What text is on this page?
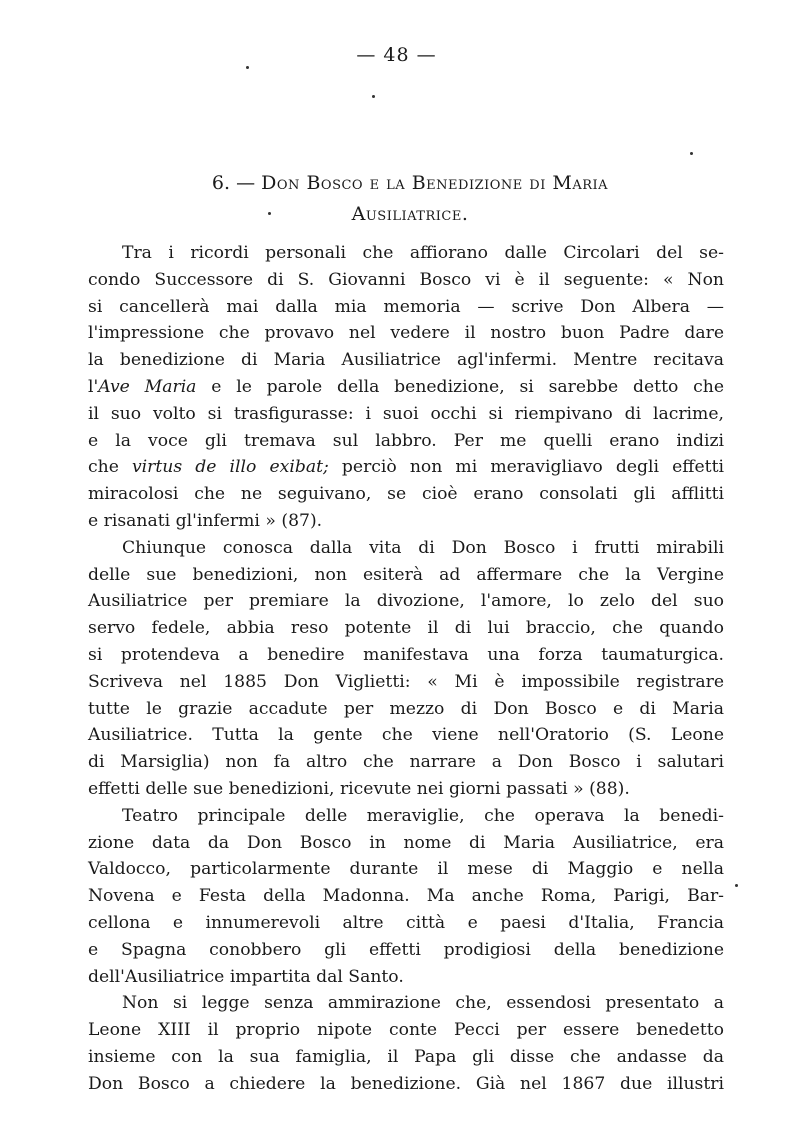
— 48 —
6. — Don Bosco e la Benedizione di Maria
Ausiliatrice.
Tra i ricordi personali che affiorano dalle Circolari del se-
condo Successore di S. Giovanni Bosco vi è il seguente: « Non
si cancellerà mai dalla mia memoria — scrive Don Albera —
l'impressione che provavo nel vedere il nostro buon Padre dare
la benedizione di Maria Ausiliatrice agl'infermi. Mentre recitava
l'Ave Maria e le parole della benedizione, si sarebbe detto che
il suo volto si trasfigurasse: i suoi occhi si riempivano di lacrime,
e la voce gli tremava sul labbro. Per me quelli erano indizi
che virtus de illo exibat; perciò non mi meravigliavo degli effetti
miracolosi che ne seguivano, se cioè erano consolati gli afflitti
e risanati gl'infermi » (87).
Chiunque conosca dalla vita di Don Bosco i frutti mirabili
delle sue benedizioni, non esiterà ad affermare che la Vergine
Ausiliatrice per premiare la divozione, l'amore, lo zelo del suo
servo fedele, abbia reso potente il di lui braccio, che quando
si protendeva a benedire manifestava una forza taumaturgica.
Scriveva nel 1885 Don Viglietti: « Mi è impossibile registrare
tutte le grazie accadute per mezzo di Don Bosco e di Maria
Ausiliatrice. Tutta la gente che viene nell'Oratorio (S. Leone
di Marsiglia) non fa altro che narrare a Don Bosco i salutari
effetti delle sue benedizioni, ricevute nei giorni passati » (88).
Teatro principale delle meraviglie, che operava la benedi-
zione data da Don Bosco in nome di Maria Ausiliatrice, era
Valdocco, particolarmente durante il mese di Maggio e nella
Novena e Festa della Madonna. Ma anche Roma, Parigi, Bar-
cellona e innumerevoli altre città e paesi d'Italia, Francia
e Spagna conobbero gli effetti prodigiosi della benedizione
dell'Ausiliatrice impartita dal Santo.
Non si legge senza ammirazione che, essendosi presentato a
Leone XIII il proprio nipote conte Pecci per essere benedetto
insieme con la sua famiglia, il Papa gli disse che andasse da
Don Bosco a chiedere la benedizione. Già nel 1867 due illustri
